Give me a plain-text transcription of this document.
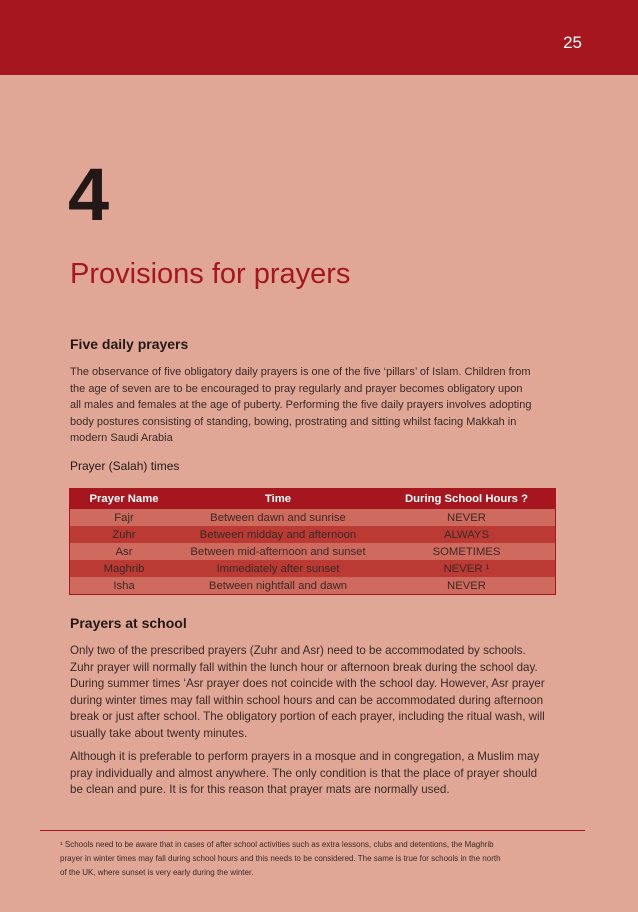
25
4
Provisions for prayers
Five daily prayers
The observance of five obligatory daily prayers is one of the five ‘pillars’ of Islam. Children from
the age of seven are to be encouraged to pray regularly and prayer becomes obligatory upon
all males and females at the age of puberty. Performing the five daily prayers involves adopting
body postures consisting of standing, bowing, prostrating and sitting whilst facing Makkah in
modern Saudi Arabia
Prayer (Salah) times
Prayer Name	Time	During School Hours ?
Fajr	Between dawn and sunrise	NEVER
Zuhr	Between midday and afternoon	ALWAYS
Asr	Between mid-afternoon and sunset	SOMETIMES
Maghrib	Immediately after sunset	NEVER ¹
Isha	Between nightfall and dawn	NEVER
Prayers at school
Only two of the prescribed prayers (Zuhr and Asr) need to be accommodated by schools.
Zuhr prayer will normally fall within the lunch hour or afternoon break during the school day.
During summer times ‘Asr prayer does not coincide with the school day. However, Asr prayer
during winter times may fall within school hours and can be accommodated during afternoon
break or just after school. The obligatory portion of each prayer, including the ritual wash, will
usually take about twenty minutes.
Although it is preferable to perform prayers in a mosque and in congregation, a Muslim may
pray individually and almost anywhere. The only condition is that the place of prayer should
be clean and pure. It is for this reason that prayer mats are normally used.
¹ Schools need to be aware that in cases of after school activities such as extra lessons, clubs and detentions, the Maghrib
prayer in winter times may fall during school hours and this needs to be considered. The same is true for schools in the north
of the UK, where sunset is very early during the winter.
